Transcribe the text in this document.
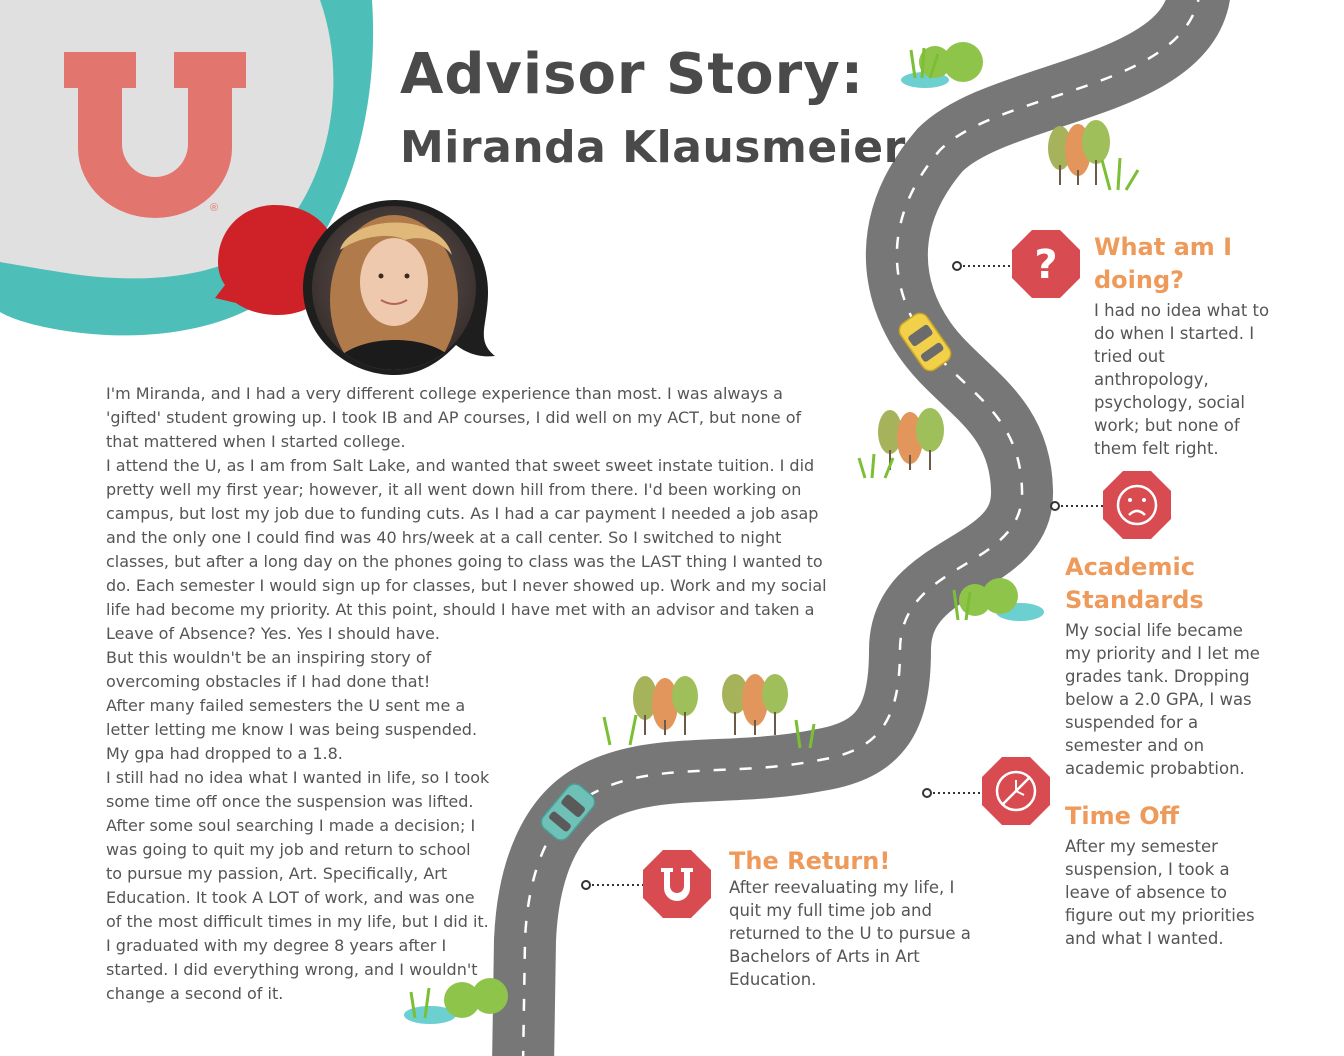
?
®
Advisor Story:
Miranda Klausmeier
I'm Miranda, and I had a very different college experience than most. I was always a
'gifted' student growing up. I took IB and AP courses, I did well on my ACT, but none of
that mattered when I started college.
I attend the U, as I am from Salt Lake, and wanted that sweet sweet instate tuition. I did
pretty well my first year; however, it all went down hill from there. I'd been working on
campus, but lost my job due to funding cuts. As I had a car payment I needed a job asap
and the only one I could find was 40 hrs/week at a call center. So I switched to night
classes, but after a long day on the phones going to class was the LAST thing I wanted to
do. Each semester I would sign up for classes, but I never showed up. Work and my social
life had become my priority. At this point, should I have met with an advisor and taken a
Leave of Absence? Yes. Yes I should have.
But this wouldn't be an inspiring story of
overcoming obstacles if I had done that!
After many failed semesters the U sent me a
letter letting me know I was being suspended.
My gpa had dropped to a 1.8.
I still had no idea what I wanted in life, so I took
some time off once the suspension was lifted.
After some soul searching I made a decision; I
was going to quit my job and return to school
to pursue my passion, Art. Specifically, Art
Education. It took A LOT of work, and was one
of the most difficult times in my life, but I did it.
I graduated with my degree 8 years after I
started. I did everything wrong, and I wouldn't
change a second of it.
What am I
doing?

I had no idea what to
do when I started. I
tried out
anthropology,
psychology, social
work; but none of
them felt right.

Academic
Standards

My social life became
my priority and I let me
grades tank. Dropping
below a 2.0 GPA, I was
suspended for a
semester and on
academic probabtion.

Time Off

After my semester
suspension, I took a
leave of absence to
figure out my priorities
and what I wanted.

The Return!

After reevaluating my life, I
quit my full time job and
returned to the U to pursue a
Bachelors of Arts in Art
Education.
